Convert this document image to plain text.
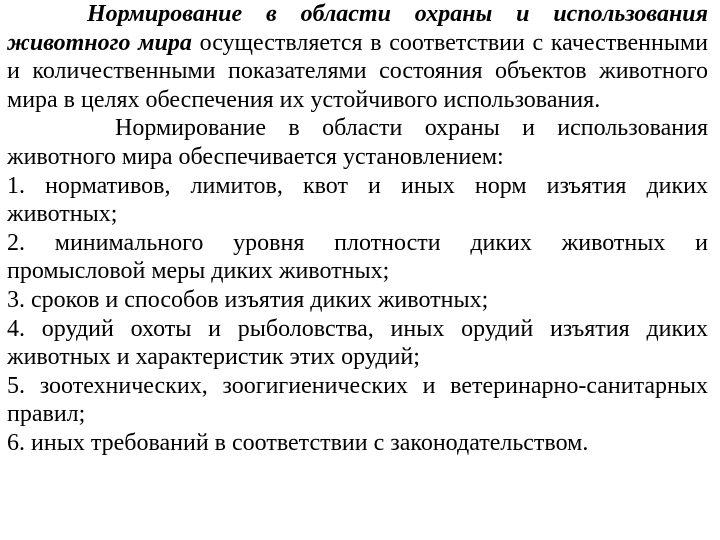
Нормирование в области охраны и использования животного мира осуществляется в соответствии с качественными и количественными показателями состояния объектов животного мира в целях обеспечения их устойчивого использования.

Нормирование в области охраны и использования животного мира обеспечивается установлением:

1. нормативов, лимитов, квот и иных норм изъятия диких животных;

2. минимального уровня плотности диких животных и промысловой меры диких животных;

3. сроков и способов изъятия диких животных;

4. орудий охоты и рыболовства, иных орудий изъятия диких животных и характеристик этих орудий;

5. зоотехнических, зоогигиенических и ветеринарно-санитарных правил;

6. иных требований в соответствии с законодательством.
